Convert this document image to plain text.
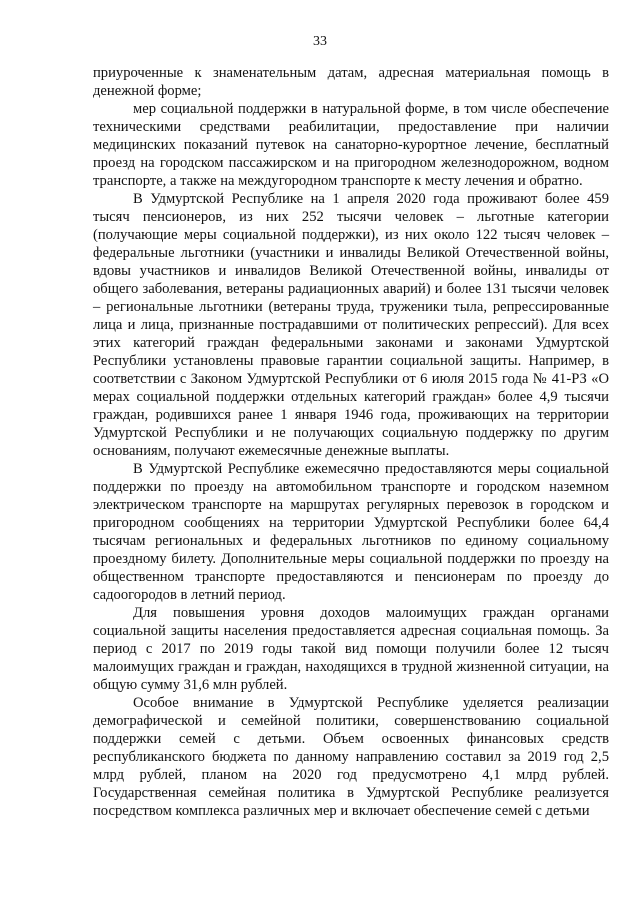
33

приуроченные к знаменательным датам, адресная материальная помощь в денежной форме;

мер социальной поддержки в натуральной форме, в том числе обеспечение техническими средствами реабилитации, предоставление при наличии медицинских показаний путевок на санаторно-курортное лечение, бесплатный проезд на городском пассажирском и на пригородном железнодорожном, водном транспорте, а также на междугородном транспорте к месту лечения и обратно.

В Удмуртской Республике на 1 апреля 2020 года проживают более 459 тысяч пенсионеров, из них 252 тысячи человек – льготные категории (получающие меры социальной поддержки), из них около 122 тысяч человек – федеральные льготники (участники и инвалиды Великой Отечественной войны, вдовы участников и инвалидов Великой Отечественной войны, инвалиды от общего заболевания, ветераны радиационных аварий) и более 131 тысячи человек – региональные льготники (ветераны труда, труженики тыла, репрессированные лица и лица, признанные пострадавшими от политических репрессий). Для всех этих категорий граждан федеральными законами и законами Удмуртской Республики установлены правовые гарантии социальной защиты. Например, в соответствии с Законом Удмуртской Республики от 6 июля 2015 года № 41-РЗ «О мерах социальной поддержки отдельных категорий граждан» более 4,9 тысячи граждан, родившихся ранее 1 января 1946 года, проживающих на территории Удмуртской Республики и не получающих социальную поддержку по другим основаниям, получают ежемесячные денежные выплаты.

В Удмуртской Республике ежемесячно предоставляются меры социальной поддержки по проезду на автомобильном транспорте и городском наземном электрическом транспорте на маршрутах регулярных перевозок в городском и пригородном сообщениях на территории Удмуртской Республики более 64,4 тысячам региональных и федеральных льготников по единому социальному проездному билету. Дополнительные меры социальной поддержки по проезду на общественном транспорте предоставляются и пенсионерам по проезду до садоогородов в летний период.

Для повышения уровня доходов малоимущих граждан органами социальной защиты населения предоставляется адресная социальная помощь. За период с 2017 по 2019 годы такой вид помощи получили более 12 тысяч малоимущих граждан и граждан, находящихся в трудной жизненной ситуации, на общую сумму 31,6 млн рублей.

Особое внимание в Удмуртской Республике уделяется реализации демографической и семейной политики, совершенствованию социальной поддержки семей с детьми. Объем освоенных финансовых средств республиканского бюджета по данному направлению составил за 2019 год 2,5 млрд рублей, планом на 2020 год предусмотрено 4,1 млрд рублей. Государственная семейная политика в Удмуртской Республике реализуется посредством комплекса различных мер и включает обеспечение семей с детьми
